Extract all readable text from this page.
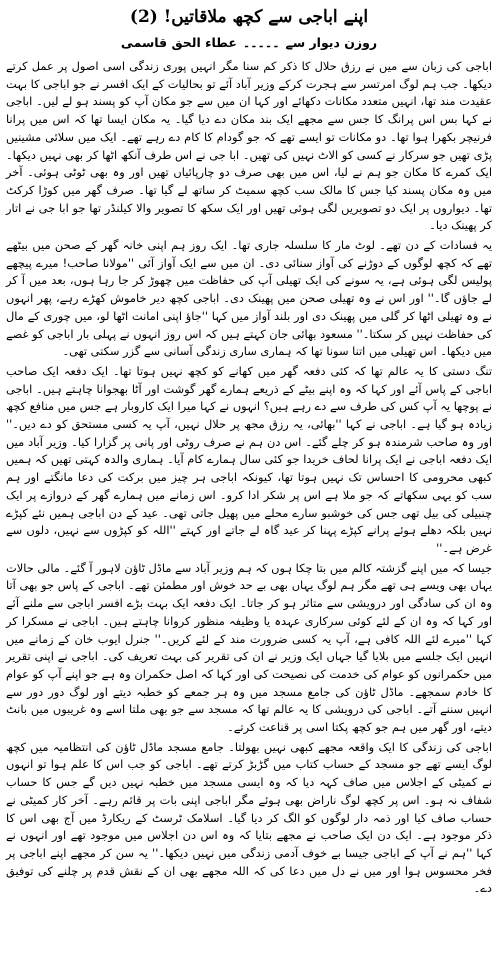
اپنے اباجی سے کچھ ملاقاتیں! (2)
روزن دیوار سے
۔۔۔۔۔
عطاء الحق قاسمی

اباجی کی زبان سے میں نے رزق حلال کا ذکر کم سنا مگر انہیں پوری زندگی اسی اصول پر عمل کرتے دیکھا۔ جب ہم لوگ امرتسر سے ہجرت کرکے وزیر آباد آئے تو بحالیات کے ایک افسر نے جو اباجی کا بہت عقیدت مند تھا، انہیں متعدد مکانات دکھائے اور کہا ان میں سے جو مکان آپ کو پسند ہو لے لیں۔ اباجی نے کہا بس اس پرانگ کا جس سے مجھے ایک بند مکان دے دیا گیا۔ یہ مکان ایسا تھا کہ اس میں پرانا فرنیچر بکھرا ہوا تھا۔ دو مکانات تو ایسے تھے کہ جو گودام کا کام دے رہے تھے۔ ایک میں سلائی مشینیں پڑی تھیں جو سرکار نے کسی کو الاٹ نہیں کی تھیں۔ ابا جی نے اس طرف آنکھ اٹھا کر بھی نہیں دیکھا۔ ایک کمرے کا مکان جو ہم نے لیا، اس میں بھی صرف دو چارپائیاں تھیں اور وہ بھی ٹوٹی ہوئی۔ آخر میں وہ مکان پسند کیا جس کا مالک سب کچھ سمیٹ کر ساتھ لے گیا تھا۔ صرف گھر میں کوڑا کرکٹ تھا۔ دیواروں پر ایک دو تصویریں لگی ہوئی تھیں اور ایک سکھ کا تصویر والا کیلنڈر تھا جو ابا جی نے اتار کر پھینک دیا۔

یہ فسادات کے دن تھے۔ لوٹ مار کا سلسلہ جاری تھا۔ ایک روز ہم اپنی خانہ گھر کے صحن میں بیٹھے تھے کہ کچھ لوگوں کے دوڑنے کی آواز سنائی دی۔ ان میں سے ایک آواز آئی ''مولانا صاحب! میرے پیچھے پولیس لگی ہوئی ہے، یہ سونے کی ایک تھیلی آپ کی حفاظت میں چھوڑ کر جا رہا ہوں، بعد میں آ کر لے جاؤں گا۔'' اور اس نے وہ تھیلی صحن میں پھینک دی۔ اباجی کچھ دیر خاموش کھڑے رہے، پھر انہوں نے وہ تھیلی اٹھا کر گلی میں پھینک دی اور بلند آواز میں کہا ''جاؤ اپنی امانت اٹھا لو، میں چوری کے مال کی حفاظت نہیں کر سکتا۔'' مسعود بھائی جان کہتے ہیں کہ اس روز انہوں نے پہلی بار اباجی کو غصے میں دیکھا۔ اس تھیلی میں اتنا سونا تھا کہ ہماری ساری زندگی آسانی سے گزر سکتی تھی۔

تنگ دستی کا یہ عالم تھا کہ کئی دفعہ گھر میں کھانے کو کچھ نہیں ہوتا تھا۔ ایک دفعہ ایک صاحب اباجی کے پاس آئے اور کہا کہ وہ اپنے بیٹے کے ذریعے ہمارے گھر گوشت اور آٹا بھجوانا چاہتے ہیں۔ اباجی نے پوچھا یہ آپ کس کی طرف سے دے رہے ہیں؟ انہوں نے کہا میرا ایک کاروبار ہے جس میں منافع کچھ زیادہ ہو گیا ہے۔ اباجی نے کہا ''بھائی، یہ رزق مجھ پر حلال نہیں، آپ یہ کسی مستحق کو دے دیں۔'' اور وہ صاحب شرمندہ ہو کر چلے گئے۔ اس دن ہم نے صرف روٹی اور پانی پر گزارا کیا۔ وزیر آباد میں ایک دفعہ اباجی نے ایک پرانا لحاف خریدا جو کئی سال ہمارے کام آیا۔ ہماری والدہ کہتی تھیں کہ ہمیں کبھی محرومی کا احساس تک نہیں ہوتا تھا، کیونکہ اباجی ہر چیز میں برکت کی دعا مانگتے اور ہم سب کو یہی سکھاتے کہ جو ملا ہے اس پر شکر ادا کرو۔ اس زمانے میں ہمارے گھر کے دروازے پر ایک چنبیلی کی بیل تھی جس کی خوشبو سارے محلے میں پھیل جاتی تھی۔ عید کے دن اباجی ہمیں نئے کپڑے نہیں بلکہ دھلے ہوئے پرانے کپڑے پہنا کر عید گاہ لے جاتے اور کہتے ''اللہ کو کپڑوں سے نہیں، دلوں سے غرض ہے۔''

جیسا کہ میں اپنے گزشتہ کالم میں بتا چکا ہوں کہ ہم وزیر آباد سے ماڈل ٹاؤن لاہور آ گئے۔ مالی حالات یہاں بھی ویسے ہی تھے مگر ہم لوگ یہاں بھی بے حد خوش اور مطمئن تھے۔ اباجی کے پاس جو بھی آتا وہ ان کی سادگی اور درویشی سے متاثر ہو کر جاتا۔ ایک دفعہ ایک بہت بڑے افسر اباجی سے ملنے آئے اور کہا کہ وہ ان کے لئے کوئی سرکاری عہدہ یا وظیفہ منظور کروانا چاہتے ہیں۔ اباجی نے مسکرا کر کہا ''میرے لئے اللہ کافی ہے، آپ یہ کسی ضرورت مند کے لئے کریں۔'' جنرل ایوب خان کے زمانے میں انہیں ایک جلسے میں بلایا گیا جہاں ایک وزیر نے ان کی تقریر کی بہت تعریف کی۔ اباجی نے اپنی تقریر میں حکمرانوں کو عوام کی خدمت کی نصیحت کی اور کہا کہ اصل حکمران وہ ہے جو اپنے آپ کو عوام کا خادم سمجھے۔ ماڈل ٹاؤن کی جامع مسجد میں وہ ہر جمعے کو خطبہ دیتے اور لوگ دور دور سے انہیں سننے آتے۔ اباجی کی درویشی کا یہ عالم تھا کہ مسجد سے جو بھی ملتا اسے وہ غریبوں میں بانٹ دیتے، اور گھر میں ہم جو کچھ پکتا اسی پر قناعت کرتے۔

اباجی کی زندگی کا ایک واقعہ مجھے کبھی نہیں بھولتا۔ جامع مسجد ماڈل ٹاؤن کی انتظامیہ میں کچھ لوگ ایسے تھے جو مسجد کے حساب کتاب میں گڑبڑ کرتے تھے۔ اباجی کو جب اس کا علم ہوا تو انہوں نے کمیٹی کے اجلاس میں صاف کہہ دیا کہ وہ ایسی مسجد میں خطبہ نہیں دیں گے جس کا حساب شفاف نہ ہو۔ اس پر کچھ لوگ ناراض بھی ہوئے مگر اباجی اپنی بات پر قائم رہے۔ آخر کار کمیٹی نے حساب صاف کیا اور ذمہ دار لوگوں کو الگ کر دیا گیا۔ اسلامک ٹرسٹ کے ریکارڈ میں آج بھی اس کا ذکر موجود ہے۔ ایک دن ایک صاحب نے مجھے بتایا کہ وہ اس دن اجلاس میں موجود تھے اور انہوں نے کہا ''ہم نے آپ کے اباجی جیسا بے خوف آدمی زندگی میں نہیں دیکھا۔'' یہ سن کر مجھے اپنے اباجی پر فخر محسوس ہوا اور میں نے دل میں دعا کی کہ اللہ مجھے بھی ان کے نقش قدم پر چلنے کی توفیق دے۔
